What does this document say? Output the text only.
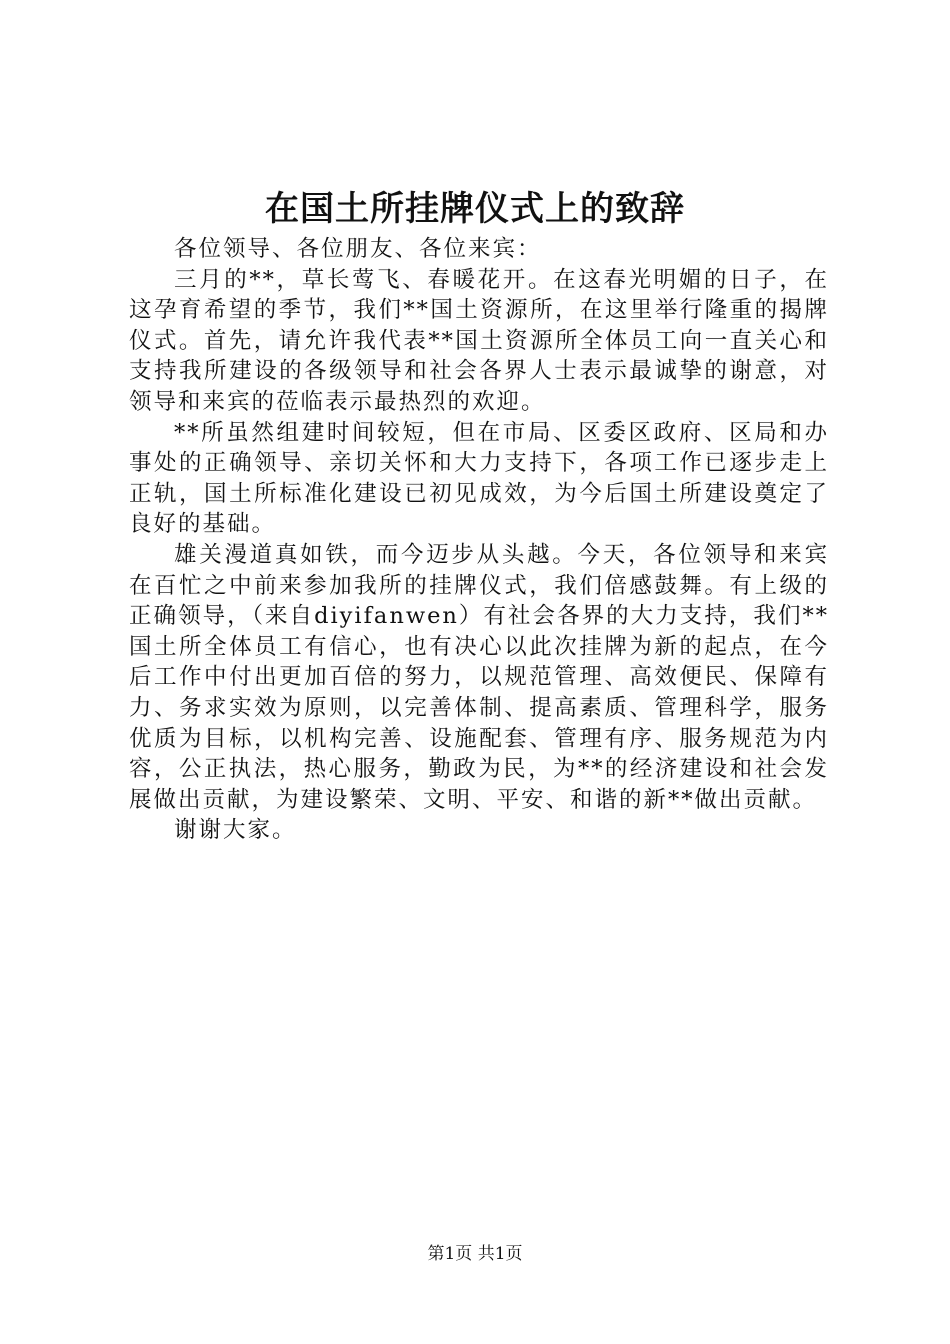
在国土所挂牌仪式上的致辞

各位领导、各位朋友、各位来宾：

三月的**，草长莺飞、春暖花开。在这春光明媚的日子，在这孕育希望的季节，我们**国土资源所，在这里举行隆重的揭牌仪式。首先，请允许我代表**国土资源所全体员工向一直关心和支持我所建设的各级领导和社会各界人士表示最诚挚的谢意，对领导和来宾的莅临表示最热烈的欢迎。

**所虽然组建时间较短，但在市局、区委区政府、区局和办事处的正确领导、亲切关怀和大力支持下，各项工作已逐步走上正轨，国土所标准化建设已初见成效，为今后国土所建设奠定了良好的基础。

雄关漫道真如铁，而今迈步从头越。今天，各位领导和来宾在百忙之中前来参加我所的挂牌仪式，我们倍感鼓舞。有上级的正确领导，（来自diyifanwen）有社会各界的大力支持，我们**国土所全体员工有信心，也有决心以此次挂牌为新的起点，在今后工作中付出更加百倍的努力，以规范管理、高效便民、保障有力、务求实效为原则，以完善体制、提高素质、管理科学，服务优质为目标，以机构完善、设施配套、管理有序、服务规范为内容，公正执法，热心服务，勤政为民，为**的经济建设和社会发展做出贡献，为建设繁荣、文明、平安、和谐的新**做出贡献。

谢谢大家。

第1页 共1页
